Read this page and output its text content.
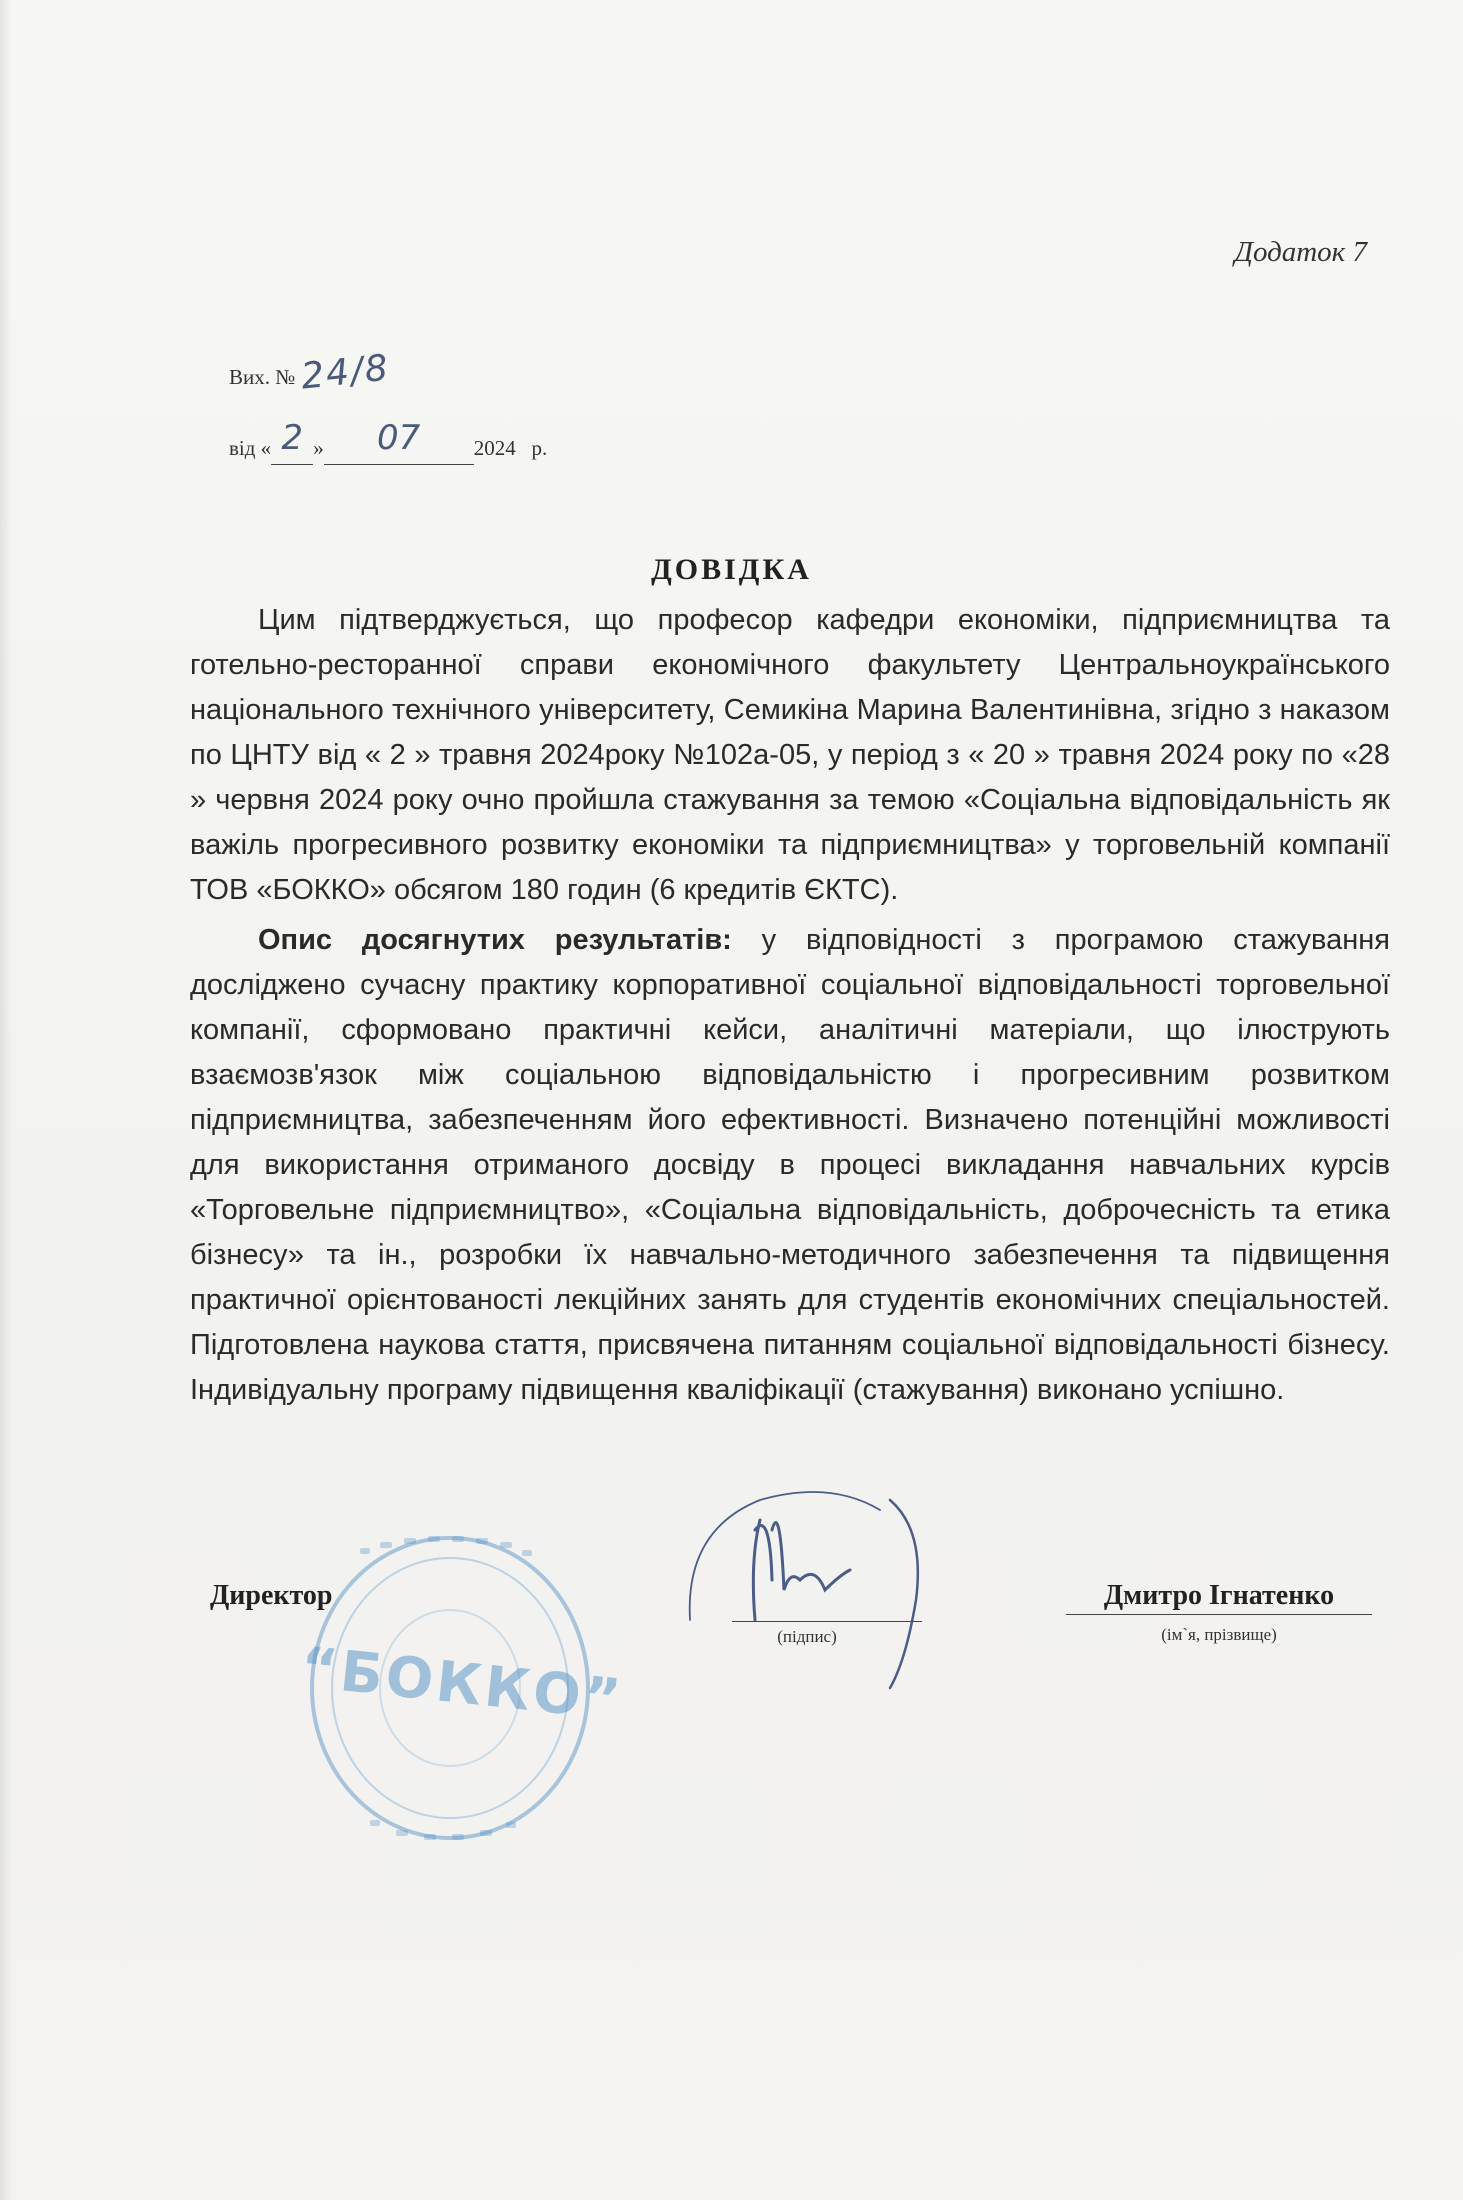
Додаток 7
Вих. № 24/8
від « 2 » 07	2024 р.
ДОВІДКА

Цим підтверджується, що професор кафедри економіки, підприємництва та готельно-ресторанної справи економічного факультету Центральноукраїнського національного технічного університету, Семикіна Марина Валентинівна, згідно з наказом по ЦНТУ від « 2 » травня 2024року №102а-05, у період з « 20 » травня 2024 року по «28 » червня 2024 року очно пройшла стажування за темою «Соціальна відповідальність як важіль прогресивного розвитку економіки та підприємництва» у торговельній компанії ТОВ «БОККО» обсягом 180 годин (6 кредитів ЄКТС).

Опис досягнутих результатів: у відповідності з програмою стажування досліджено сучасну практику корпоративної соціальної відповідальності торговельної компанії, сформовано практичні кейси, аналітичні матеріали, що ілюструють взаємозв'язок між соціальною відповідальністю і прогресивним розвитком підприємництва, забезпеченням його ефективності. Визначено потенційні можливості для використання отриманого досвіду в процесі викладання навчальних курсів «Торговельне підприємництво», «Соціальна відповідальність, доброчесність та етика бізнесу» та ін., розробки їх навчально-методичного забезпечення та підвищення практичної орієнтованості лекційних занять для студентів економічних спеціальностей. Підготовлена наукова стаття, присвячена питанням соціальної відповідальності бізнесу. Індивідуальну програму підвищення кваліфікації (стажування) виконано успішно.

“БОККО”
Директор
(підпис)
Дмитро Ігнатенко
(ім`я, прізвище)
